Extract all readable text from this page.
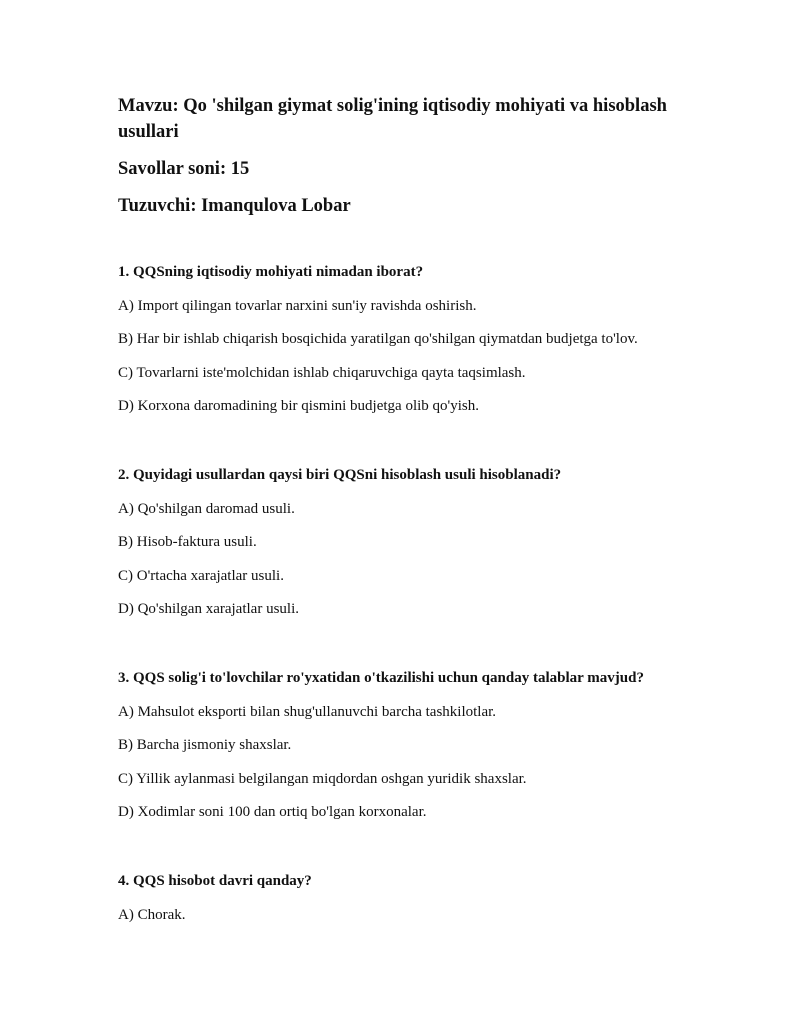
Mavzu: Qo 'shilgan giymat solig'ining iqtisodiy mohiyati va hisoblash usullari

Savollar soni: 15

Tuzuvchi: Imanqulova Lobar

1. QQSning iqtisodiy mohiyati nimadan iborat?

A) Import qilingan tovarlar narxini sun'iy ravishda oshirish.

B) Har bir ishlab chiqarish bosqichida yaratilgan qo'shilgan qiymatdan budjetga to'lov.

C) Tovarlarni iste'molchidan ishlab chiqaruvchiga qayta taqsimlash.

D) Korxona daromadining bir qismini budjetga olib qo'yish.

2. Quyidagi usullardan qaysi biri QQSni hisoblash usuli hisoblanadi?

A) Qo'shilgan daromad usuli.

B) Hisob-faktura usuli.

C) O'rtacha xarajatlar usuli.

D) Qo'shilgan xarajatlar usuli.

3. QQS solig'i to'lovchilar ro'yxatidan o'tkazilishi uchun qanday talablar mavjud?

A) Mahsulot eksporti bilan shug'ullanuvchi barcha tashkilotlar.

B) Barcha jismoniy shaxslar.

C) Yillik aylanmasi belgilangan miqdordan oshgan yuridik shaxslar.

D) Xodimlar soni 100 dan ortiq bo'lgan korxonalar.

4. QQS hisobot davri qanday?

A) Chorak.
